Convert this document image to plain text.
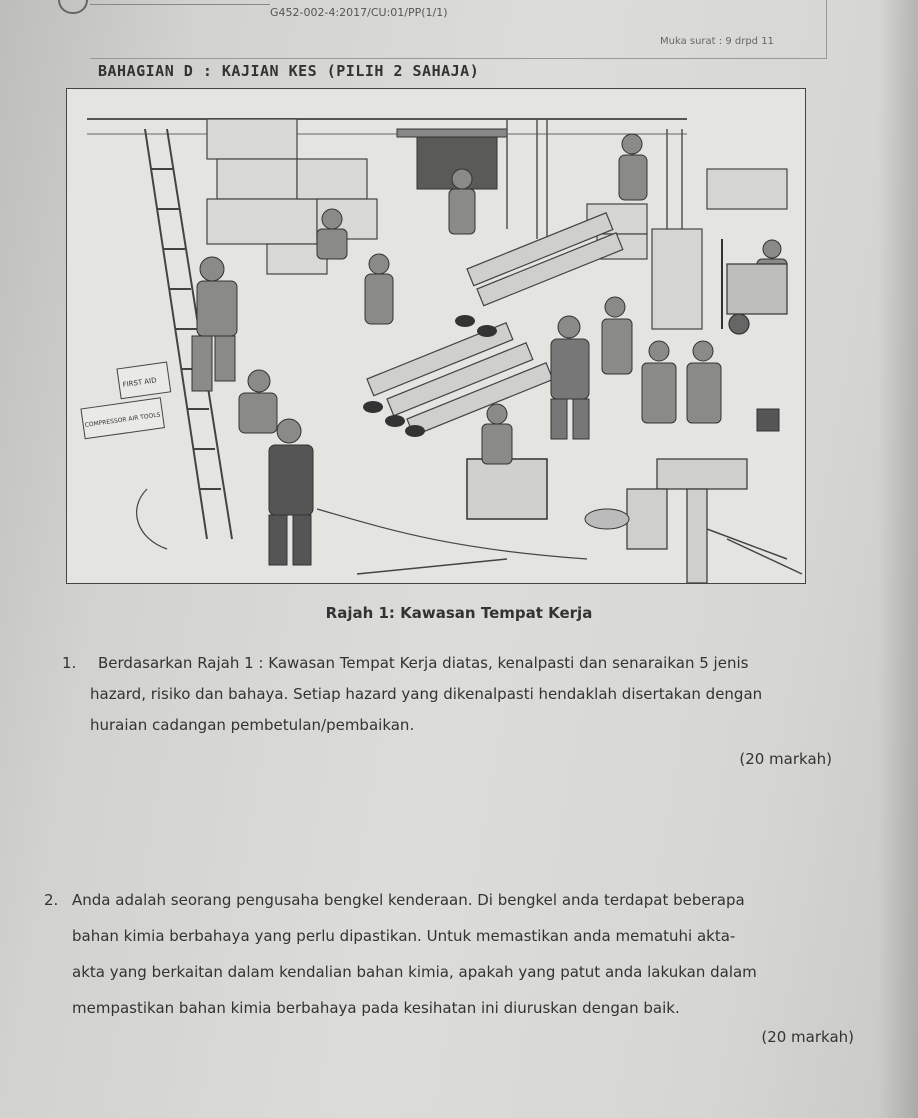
G452-002-4:2017/CU:01/PP(1/1)
Muka surat : 9 drpd 11
BAHAGIAN D : KAJIAN KES (PILIH 2 SAHAJA)
FIRST AID
COMPRESSOR AIR TOOLS
Rajah 1: Kawasan Tempat Kerja
1. Berdasarkan Rajah 1 : Kawasan Tempat Kerja diatas, kenalpasti dan senaraikan 5 jenis
hazard, risiko dan bahaya. Setiap hazard yang dikenalpasti hendaklah disertakan dengan
huraian cadangan pembetulan/pembaikan.
(20 markah)
2. Anda adalah seorang pengusaha bengkel kenderaan. Di bengkel anda terdapat beberapa
bahan kimia berbahaya yang perlu dipastikan. Untuk memastikan anda mematuhi akta-
akta yang berkaitan dalam kendalian bahan kimia, apakah yang patut anda lakukan dalam
mempastikan bahan kimia berbahaya pada kesihatan ini diuruskan dengan baik.
(20 markah)
